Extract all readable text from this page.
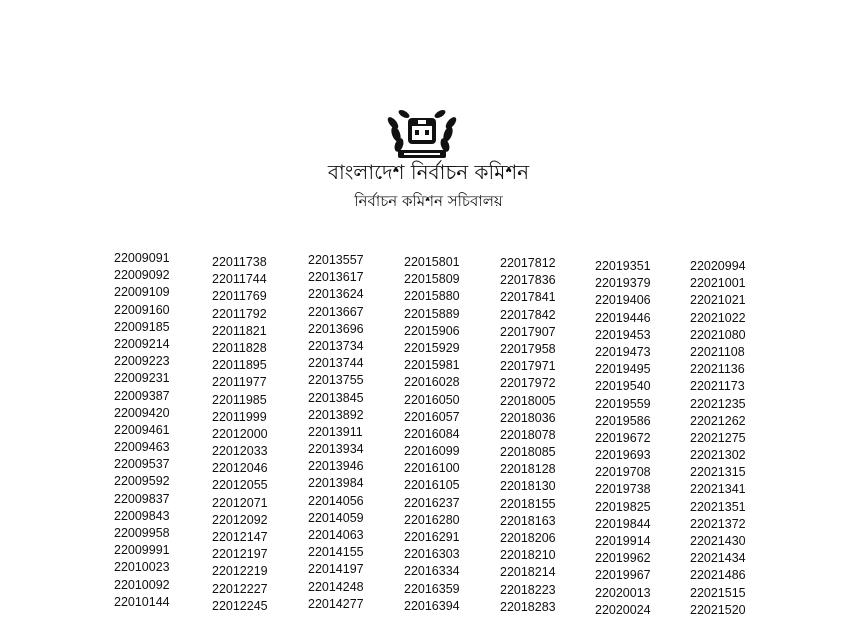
বাংলাদেশ নির্বাচন কমিশন
নির্বাচন কমিশন সচিবালয়
22009091
22009092
22009109
22009160
22009185
22009214
22009223
22009231
22009387
22009420
22009461
22009463
22009537
22009592
22009837
22009843
22009958
22009991
22010023
22010092
22010144
22011738
22011744
22011769
22011792
22011821
22011828
22011895
22011977
22011985
22011999
22012000
22012033
22012046
22012055
22012071
22012092
22012147
22012197
22012219
22012227
22012245
22013557
22013617
22013624
22013667
22013696
22013734
22013744
22013755
22013845
22013892
22013911
22013934
22013946
22013984
22014056
22014059
22014063
22014155
22014197
22014248
22014277
22015801
22015809
22015880
22015889
22015906
22015929
22015981
22016028
22016050
22016057
22016084
22016099
22016100
22016105
22016237
22016280
22016291
22016303
22016334
22016359
22016394
22017812
22017836
22017841
22017842
22017907
22017958
22017971
22017972
22018005
22018036
22018078
22018085
22018128
22018130
22018155
22018163
22018206
22018210
22018214
22018223
22018283
22019351
22019379
22019406
22019446
22019453
22019473
22019495
22019540
22019559
22019586
22019672
22019693
22019708
22019738
22019825
22019844
22019914
22019962
22019967
22020013
22020024
22020994
22021001
22021021
22021022
22021080
22021108
22021136
22021173
22021235
22021262
22021275
22021302
22021315
22021341
22021351
22021372
22021430
22021434
22021486
22021515
22021520
